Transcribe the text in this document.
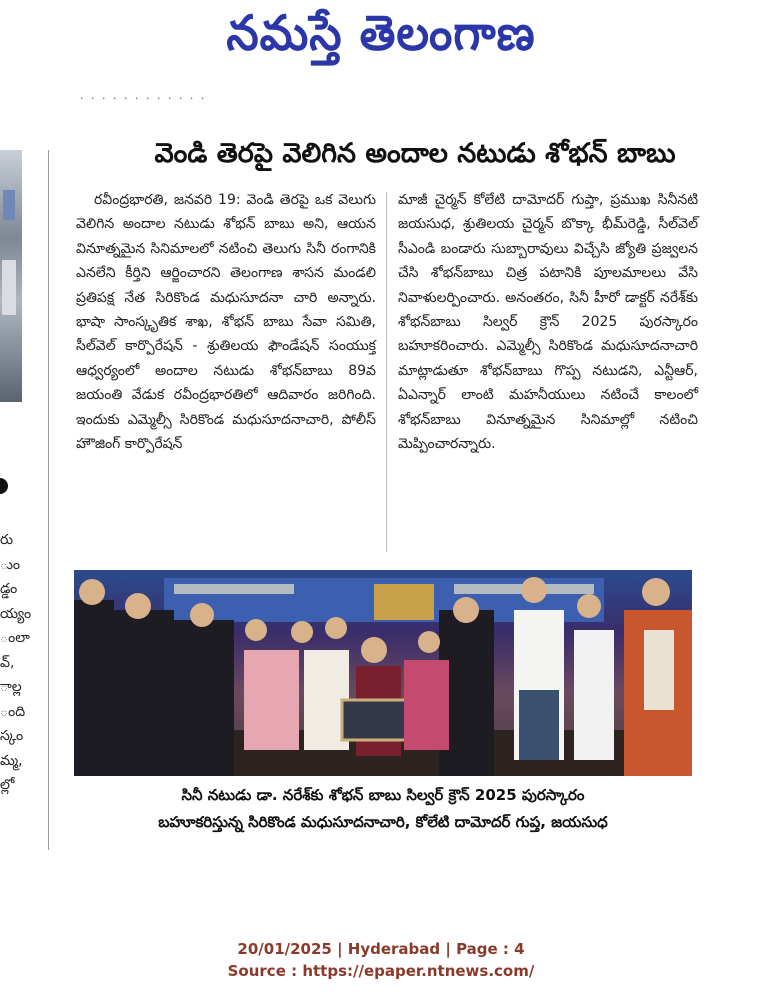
నమస్తే తెలంగాణ
· · · · · · · · · · · ·
రు
ుం
డ్డం
య్యం
ంలా
వ్,
ాల్ల
ంది
స్కం
మ్మ,
ల్లో
వెండి తెరపై వెలిగిన అందాల నటుడు శోభన్ బాబు

రవీంద్రభారతి, జనవరి 19: వెండి తెరపై ఒక వెలుగు వెలిగిన అందాల నటుడు శోభన్ బాబు అని, ఆయన వినూత్నమైన సినిమాలలో నటించి తెలుగు సినీ రంగానికి ఎనలేని కీర్తిని ఆర్జించారని తెలంగాణ శాసన మండలి ప్రతిపక్ష నేత సిరికొండ మధుసూదనా చారి అన్నారు. భాషా సాంస్కృతిక శాఖ, శోభన్ బాబు సేవా సమితి, సీల్‌వెల్ కార్పొరేషన్ - శ్రుతిలయ ఫౌండేషన్ సంయుక్త ఆధ్వర్యంలో అందాల నటుడు శోభన్‌బాబు 89వ జయంతి వేడుక రవీంద్రభారతిలో ఆదివారం జరిగింది. ఇందుకు ఎమ్మెల్సీ సిరికొండ మధుసూదనాచారి, పోలీస్ హౌజింగ్ కార్పొరేషన్

మాజీ చైర్మన్ కోలేటి దామోదర్ గుప్తా, ప్రముఖ సినీనటి జయసుధ, శ్రుతిలయ చైర్మన్ బొక్కా భీమ్‌రెడ్డి, సీల్‌వెల్ సీఎండి బండారు సుబ్బారావులు విచ్చేసి జ్యోతి ప్రజ్వలన చేసి శోభన్‌బాబు చిత్ర పటానికి పూలమాలలు వేసి నివాళులర్పించారు. అనంతరం, సినీ హీరో డాక్టర్ నరేశ్‌కు శోభన్‌బాబు సిల్వర్ క్రౌన్ 2025 పురస్కారం బహూకరించారు. ఎమ్మెల్సీ సిరికొండ మధుసూదనాచారి మాట్లాడుతూ శోభన్‌బాబు గొప్ప నటుడని, ఎన్టీఆర్, ఏఎన్నార్ లాంటి మహనీయులు నటించే కాలంలో శోభన్‌బాబు వినూత్నమైన సినిమాల్లో నటించి మెప్పించారన్నారు.

సినీ నటుడు డా. నరేశ్‌కు శోభన్ బాబు సిల్వర్ క్రౌన్ 2025 పురస్కారం
బహూకరిస్తున్న సిరికొండ మధుసూదనాచారి, కోలేటి దామోదర్ గుప్త, జయసుధ
20/01/2025 | Hyderabad | Page : 4
Source : https://epaper.ntnews.com/
